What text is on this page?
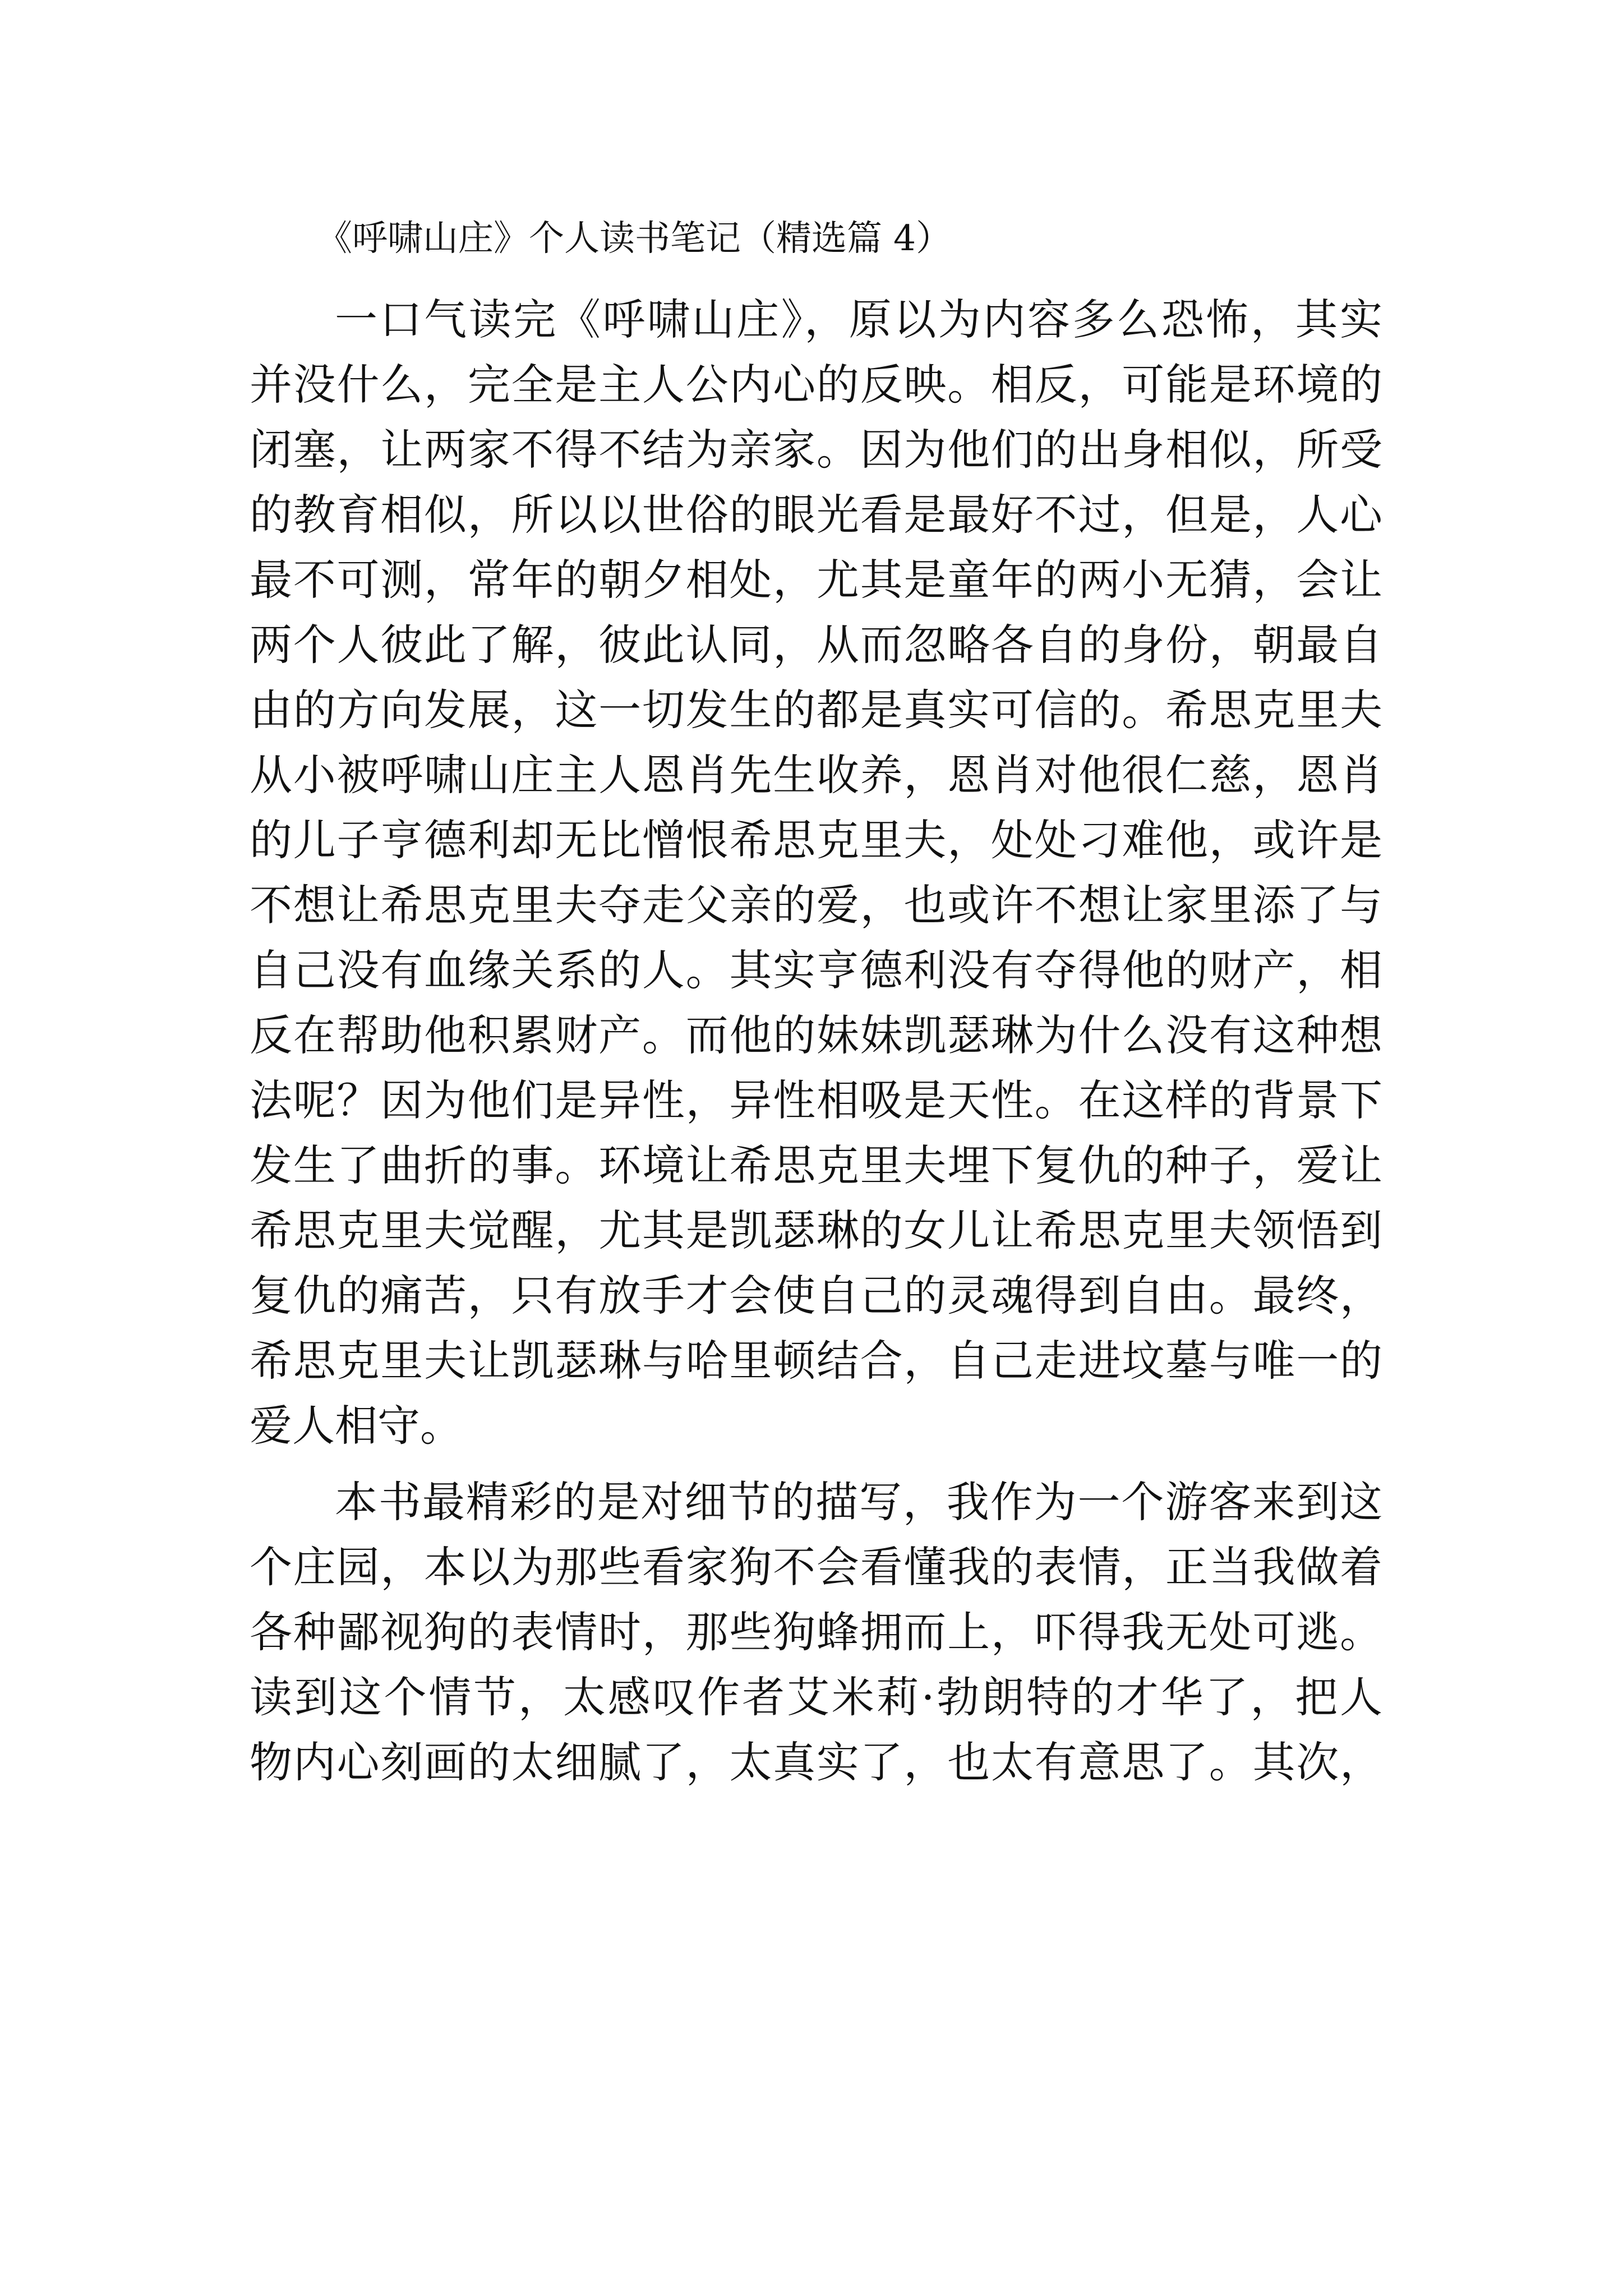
《呼啸山庄》个人读书笔记（精选篇 4）
一口气读完《呼啸山庄》，原以为内容多么恐怖，其实
并没什么，完全是主人公内心的反映。相反，可能是环境的
闭塞，让两家不得不结为亲家。因为他们的出身相似，所受
的教育相似，所以以世俗的眼光看是最好不过，但是，人心
最不可测，常年的朝夕相处，尤其是童年的两小无猜，会让
两个人彼此了解，彼此认同，从而忽略各自的身份，朝最自
由的方向发展，这一切发生的都是真实可信的。希思克里夫
从小被呼啸山庄主人恩肖先生收养，恩肖对他很仁慈，恩肖
的儿子亨德利却无比憎恨希思克里夫，处处刁难他，或许是
不想让希思克里夫夺走父亲的爱，也或许不想让家里添了与
自己没有血缘关系的人。其实亨德利没有夺得他的财产，相
反在帮助他积累财产。而他的妹妹凯瑟琳为什么没有这种想
法呢？因为他们是异性，异性相吸是天性。在这样的背景下
发生了曲折的事。环境让希思克里夫埋下复仇的种子，爱让
希思克里夫觉醒，尤其是凯瑟琳的女儿让希思克里夫领悟到
复仇的痛苦，只有放手才会使自己的灵魂得到自由。最终，
希思克里夫让凯瑟琳与哈里顿结合，自己走进坟墓与唯一的
爱人相守。
本书最精彩的是对细节的描写，我作为一个游客来到这
个庄园，本以为那些看家狗不会看懂我的表情，正当我做着
各种鄙视狗的表情时，那些狗蜂拥而上，吓得我无处可逃。
读到这个情节，太感叹作者艾米莉·勃朗特的才华了，把人
物内心刻画的太细腻了，太真实了，也太有意思了。其次，
